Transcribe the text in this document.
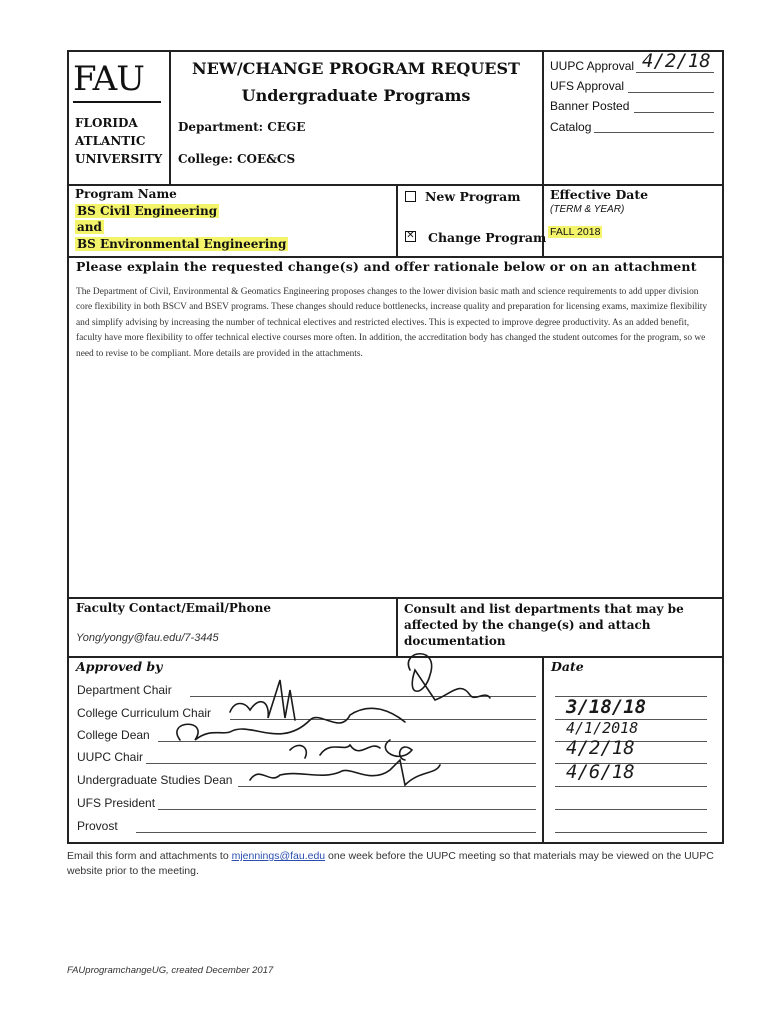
FAU
FLORIDA
ATLANTIC
UNIVERSITY
NEW/CHANGE PROGRAM REQUEST
Undergraduate Programs
Department: CEGE
College: COE&CS
UUPC Approval 4/2/18
UFS Approval
Banner Posted
Catalog
Program Name
BS Civil Engineering
and
BS Environmental Engineering
New Program
✕ Change Program
Effective Date
(TERM & YEAR)
FALL 2018
Please explain the requested change(s) and offer rationale below or on an attachment
The Department of Civil, Environmental & Geomatics Engineering proposes changes to the lower division basic math and science requirements to add upper division core flexibility in both BSCV and BSEV programs. These changes should reduce bottlenecks, increase quality and preparation for licensing exams, maximize flexibility and simplify advising by increasing the number of technical electives and restricted electives. This is expected to improve degree productivity. As an added benefit, faculty have more flexibility to offer technical elective courses more often. In addition, the accreditation body has changed the student outcomes for the program, so we need to revise to be compliant. More details are provided in the attachments.
Faculty Contact/Email/Phone
Yong/yongy@fau.edu/7-3445
Consult and list departments that may be affected by the change(s) and attach documentation
Approved by	Date
Department Chair
College Curriculum Chair
College Dean
UUPC Chair
Undergraduate Studies Dean
UFS President
Provost
3/18/18
4/1/2018
4/2/18
4/6/18
Email this form and attachments to mjennings@fau.edu one week before the UUPC meeting so that materials may be viewed on the UUPC website prior to the meeting.
FAUprogramchangeUG, created December 2017
